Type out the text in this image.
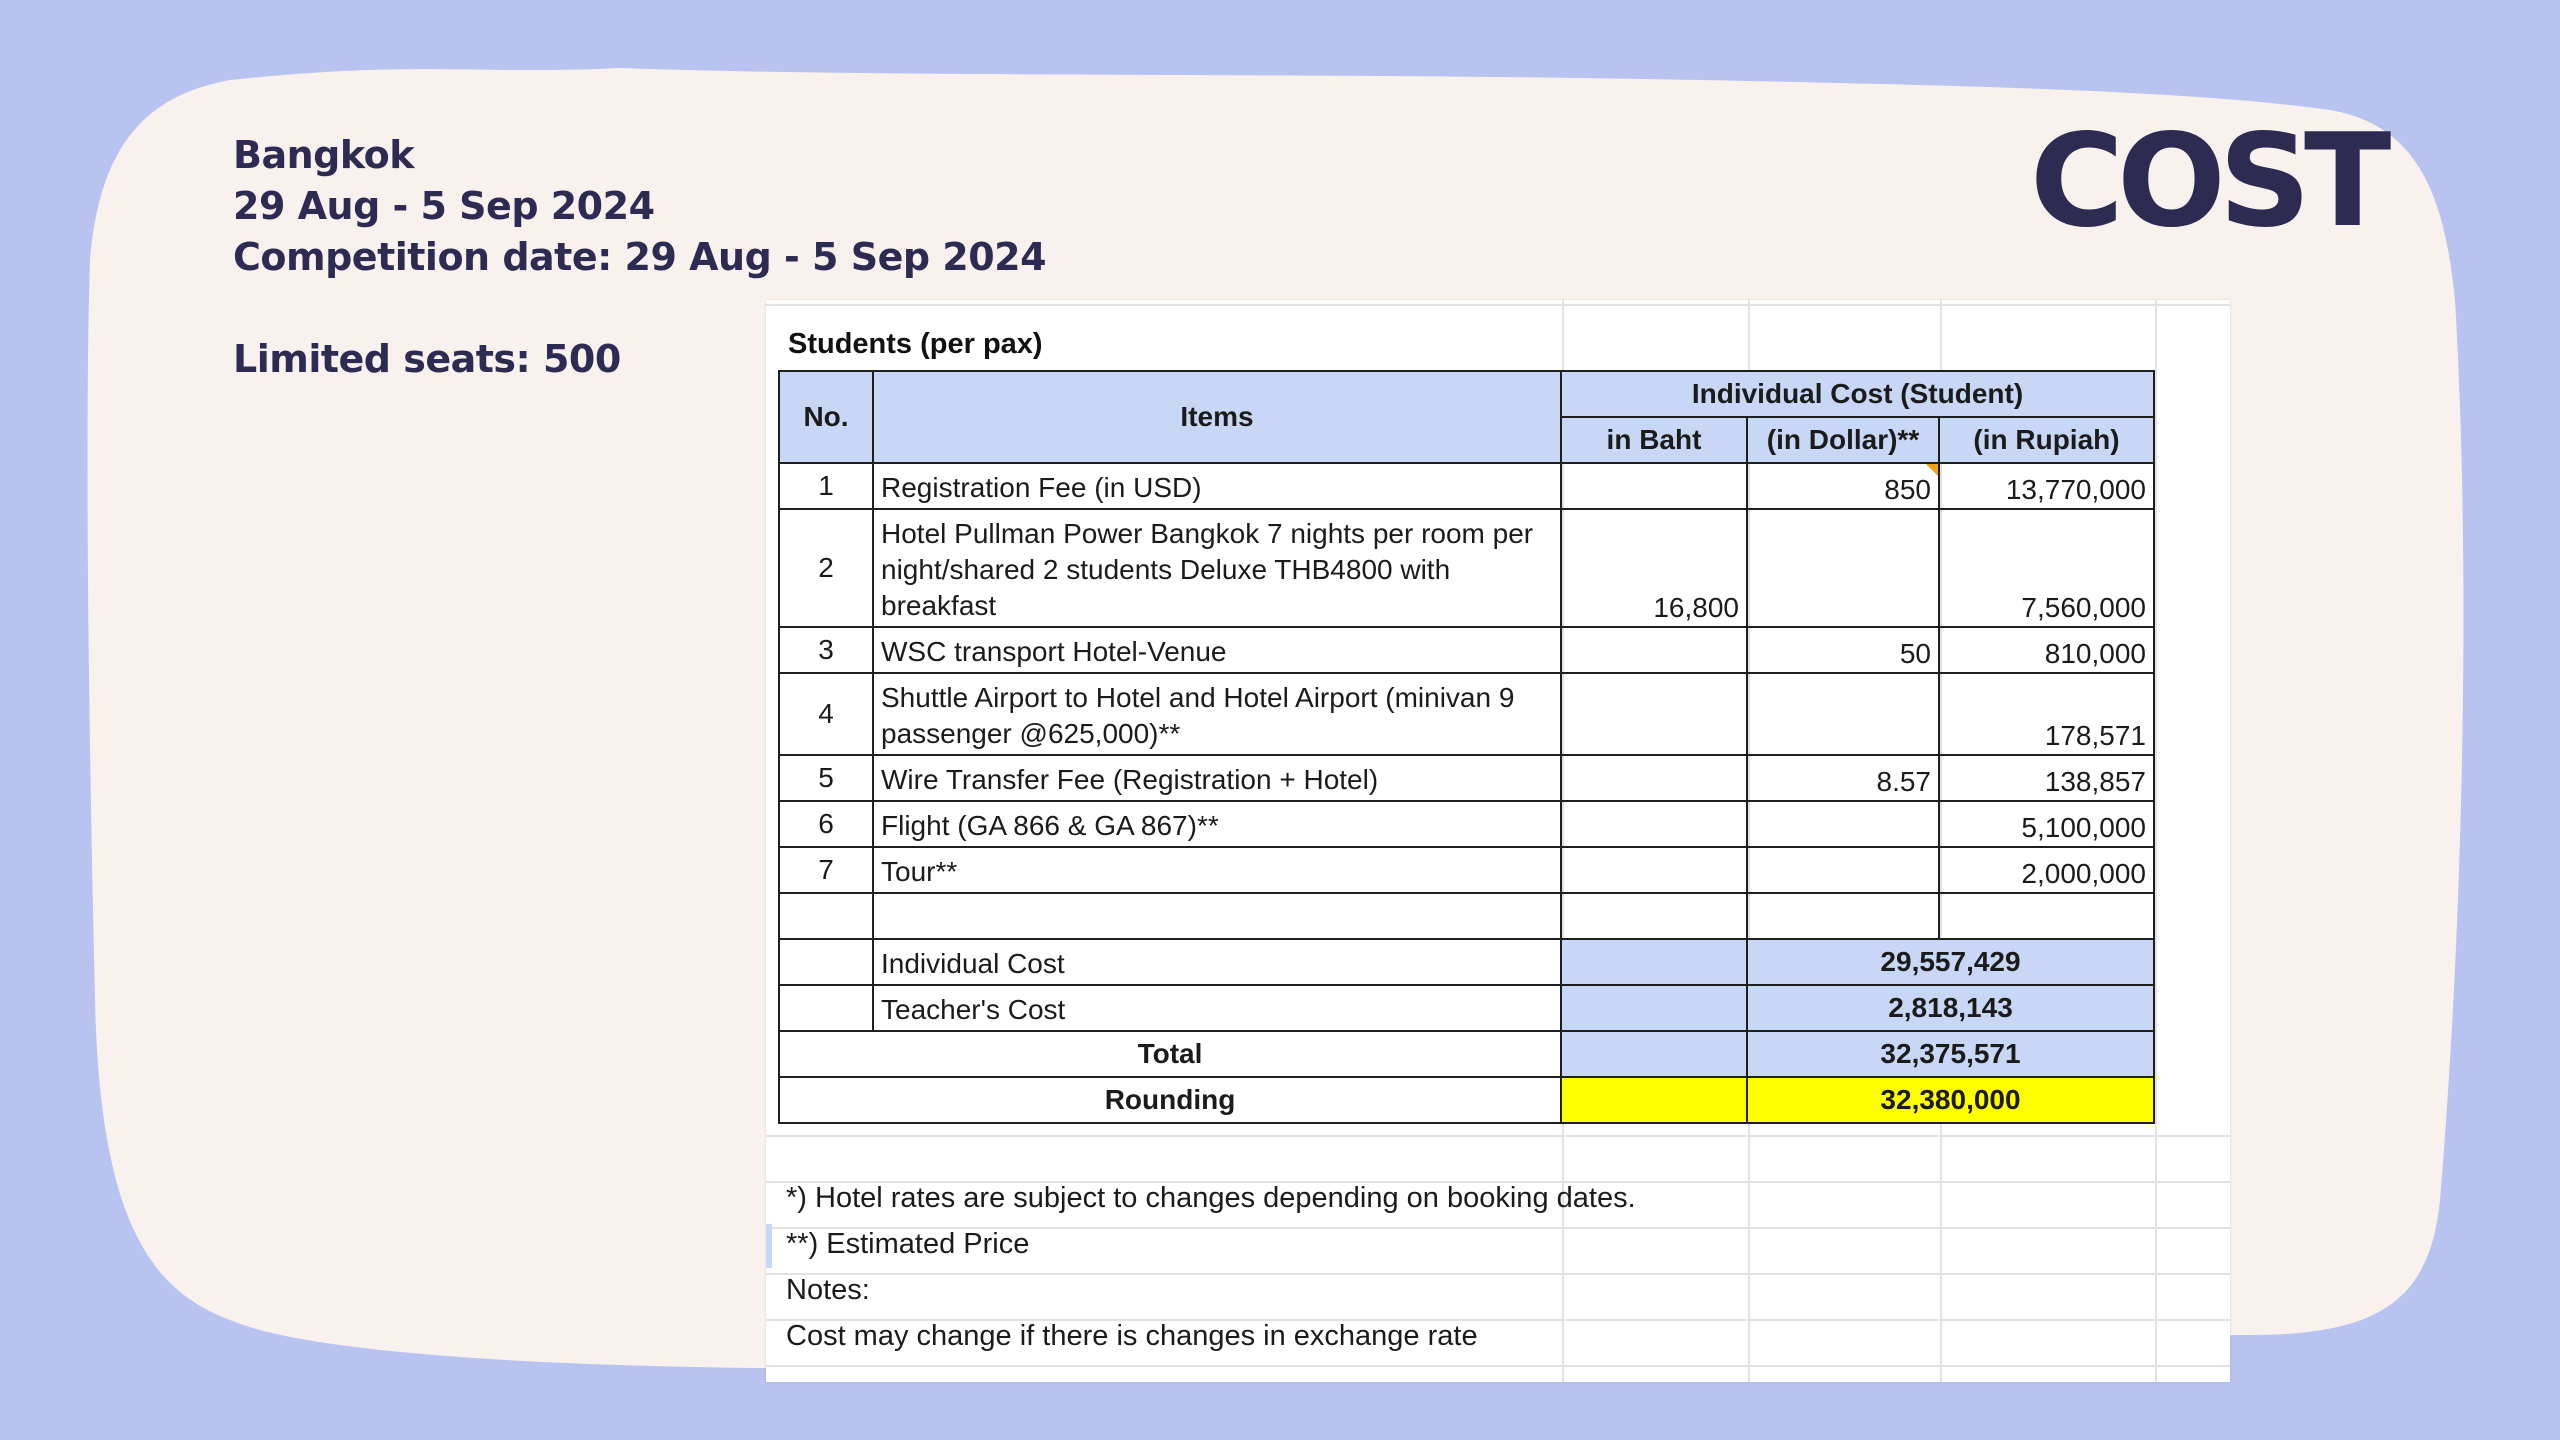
Bangkok
29 Aug - 5 Sep 2024
Competition date: 29 Aug - 5 Sep 2024
Limited seats: 500
COST
Students (per pax)
No.	Items	Individual Cost (Student)		
		in Baht	(in Dollar)**	(in Rupiah)
1	Registration Fee (in USD)		850	13,770,000
2	Hotel Pullman Power Bangkok 7 nights per room per night/shared 2 students Deluxe THB4800 with breakfast	16,800		7,560,000
3	WSC transport Hotel-Venue		50	810,000
4	Shuttle Airport to Hotel and Hotel Airport (minivan 9 passenger @625,000)**			178,571
5	Wire Transfer Fee (Registration + Hotel)		8.57	138,857
6	Flight (GA 866 & GA 867)**			5,100,000
7	Tour**			2,000,000

	Individual Cost		29,557,429	
	Teacher's Cost		2,818,143	
Total			32,375,571	
Rounding			32,380,000	
*) Hotel rates are subject to changes depending on booking dates.
**) Estimated Price
Notes:
Cost may change if there is changes in exchange rate
